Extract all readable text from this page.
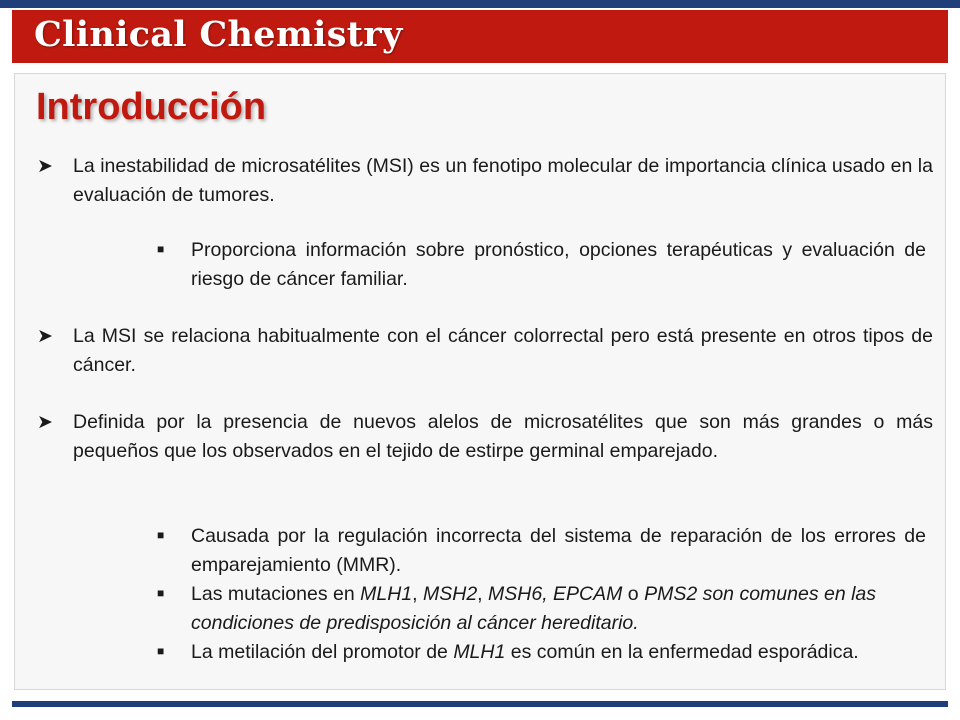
Clinical Chemistry
Introducción
➤ La inestabilidad de microsatélites (MSI) es un fenotipo molecular de importancia clínica usado en la evaluación de tumores.
■ Proporciona información sobre pronóstico, opciones terapéuticas y evaluación de riesgo de cáncer familiar.
➤ La MSI se relaciona habitualmente con el cáncer colorrectal pero está presente en otros tipos de cáncer.
➤ Definida por la presencia de nuevos alelos de microsatélites que son más grandes o más pequeños que los observados en el tejido de estirpe germinal emparejado.
■ Causada por la regulación incorrecta del sistema de reparación de los errores de emparejamiento (MMR).
■ Las mutaciones en MLH1, MSH2, MSH6, EPCAM o PMS2 son comunes en las condiciones de predisposición al cáncer hereditario.
■ La metilación del promotor de MLH1 es común en la enfermedad esporádica.
